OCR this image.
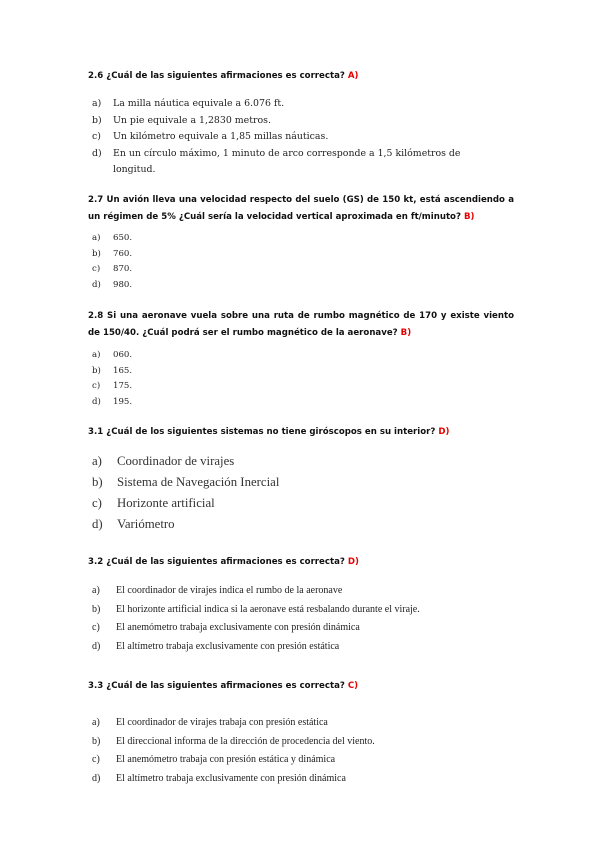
2.6 ¿Cuál de las siguientes afirmaciones es correcta? A)
a)	La milla náutica equivale a 6.076 ft.
b)	Un pie equivale a 1,2830 metros.
c)	Un kilómetro equivale a 1,85 millas náuticas.
d)	En un círculo máximo, 1 minuto de arco corresponde a 1,5 kilómetros de longitud.
2.7 Un avión lleva una velocidad respecto del suelo (GS) de 150 kt, está ascendiendo a un régimen de 5% ¿Cuál sería la velocidad vertical aproximada en ft/minuto? B)
a)	650.
b)	760.
c)	870.
d)	980.
2.8 Si una aeronave vuela sobre una ruta de rumbo magnético de 170 y existe viento de 150/40. ¿Cuál podrá ser el rumbo magnético de la aeronave? B)
a)	060.
b)	165.
c)	175.
d)	195.
3.1 ¿Cuál de los siguientes sistemas no tiene giróscopos en su interior? D)
a)	Coordinador de virajes
b)	Sistema de Navegación Inercial
c)	Horizonte artificial
d)	Variómetro
3.2 ¿Cuál de las siguientes afirmaciones es correcta? D)
a)	El coordinador de virajes indica el rumbo de la aeronave
b)	El horizonte artificial indica si la aeronave está resbalando durante el viraje.
c)	El anemómetro trabaja exclusivamente con presión dinámica
d)	El altímetro trabaja exclusivamente con presión estática
3.3 ¿Cuál de las siguientes afirmaciones es correcta? C)
a)	El coordinador de virajes trabaja con presión estática
b)	El direccional informa de la dirección de procedencia del viento.
c)	El anemómetro trabaja con presión estática y dinámica
d)	El altímetro trabaja exclusivamente con presión dinámica
